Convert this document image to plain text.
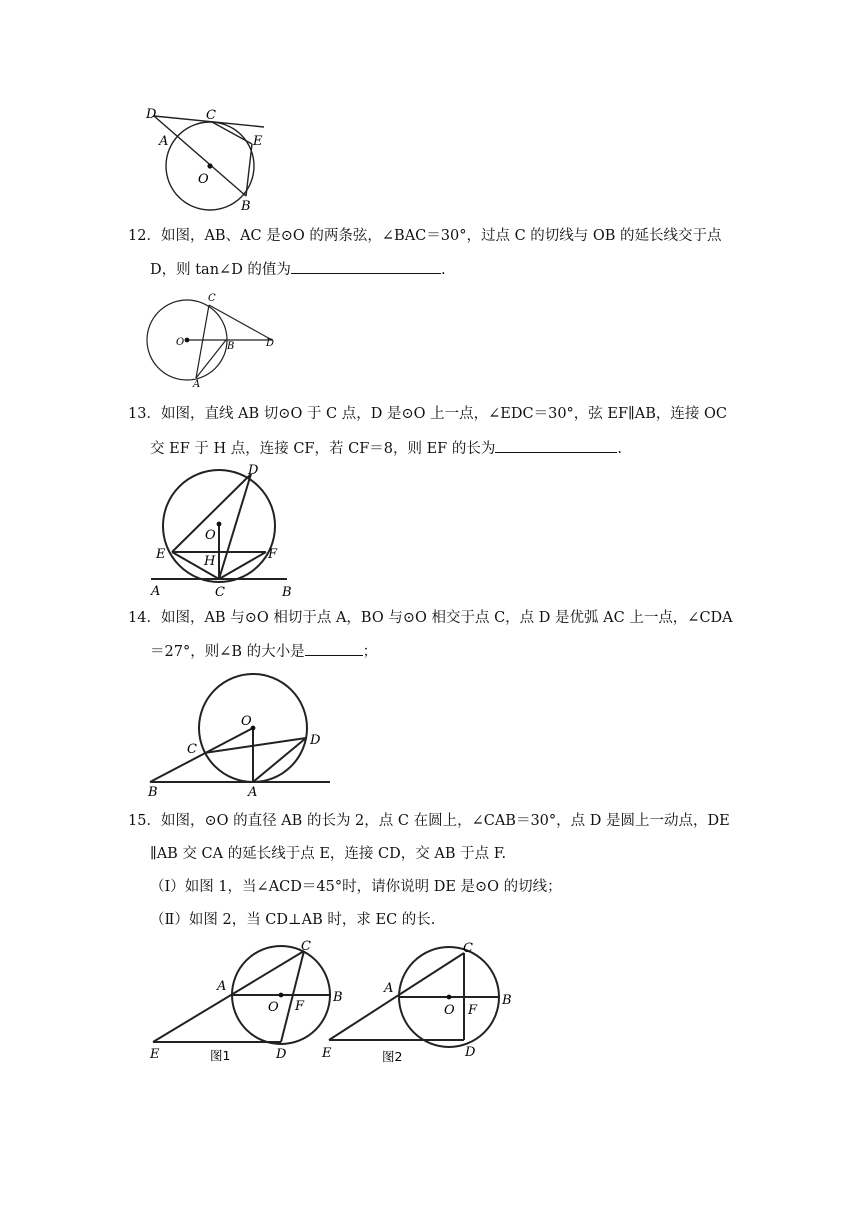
D	C
E
A
O
B
12．如图，AB、AC 是⊙O 的两条弦，∠BAC＝30°，过点 C 的切线与 OB 的延长线交于点
D，则 tan∠D 的值为	.
C
O	B	D
A
13．如图，直线 AB 切⊙O 于 C 点，D 是⊙O 上一点，∠EDC＝30°，弦 EF∥AB，连接 OC
交 EF 于 H 点，连接 CF，若 CF＝8，则 EF 的长为	.
D
O
E	H	F
A	C	B
14．如图，AB 与⊙O 相切于点 A，BO 与⊙O 相交于点 C，点 D 是优弧 AC 上一点，∠CDA
＝27°，则∠B 的大小是	；
O
C
D
B	A
15．如图，⊙O 的直径 AB 的长为 2，点 C 在圆上，∠CAB＝30°，点 D 是圆上一动点，DE
∥AB 交 CA 的延长线于点 E，连接 CD，交 AB 于点 F.
（Ⅰ）如图 1，当∠ACD＝45°时，请你说明 DE 是⊙O 的切线；
（Ⅱ）如图 2，当 CD⊥AB 时，求 EC 的长.
C
A
O F
B
E	D
图1
C
A
O F
B
E	D
图2
